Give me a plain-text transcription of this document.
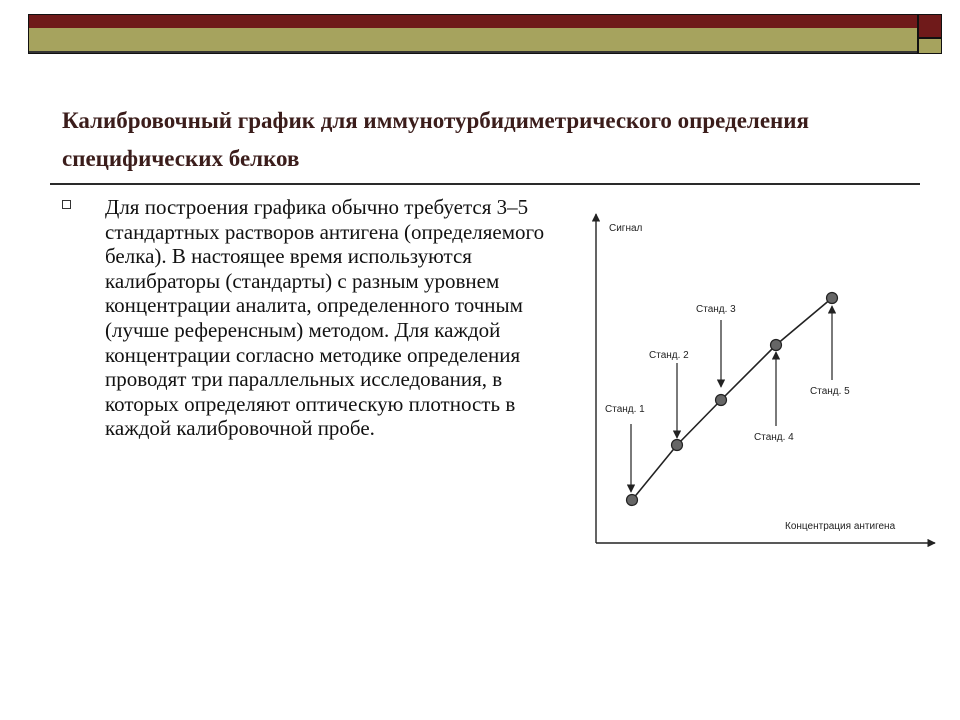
Калибровочный график для иммунотурбидиметрического определения специфических белков

Для построения графика обычно требуется 3–5 стандартных растворов антигена (определяемого белка). В настоящее время используются калибраторы (стандарты) с разным уровнем концентрации аналита, определенного точным (лучше референсным) методом. Для каждой концентрации согласно методике определения проводят три параллельных исследования, в которых определяют оптическую плотность в каждой калибровочной пробе.

Сигнал
Концентрация антигена
Станд. 1
Станд. 2
Станд. 3
Станд. 4
Станд. 5
